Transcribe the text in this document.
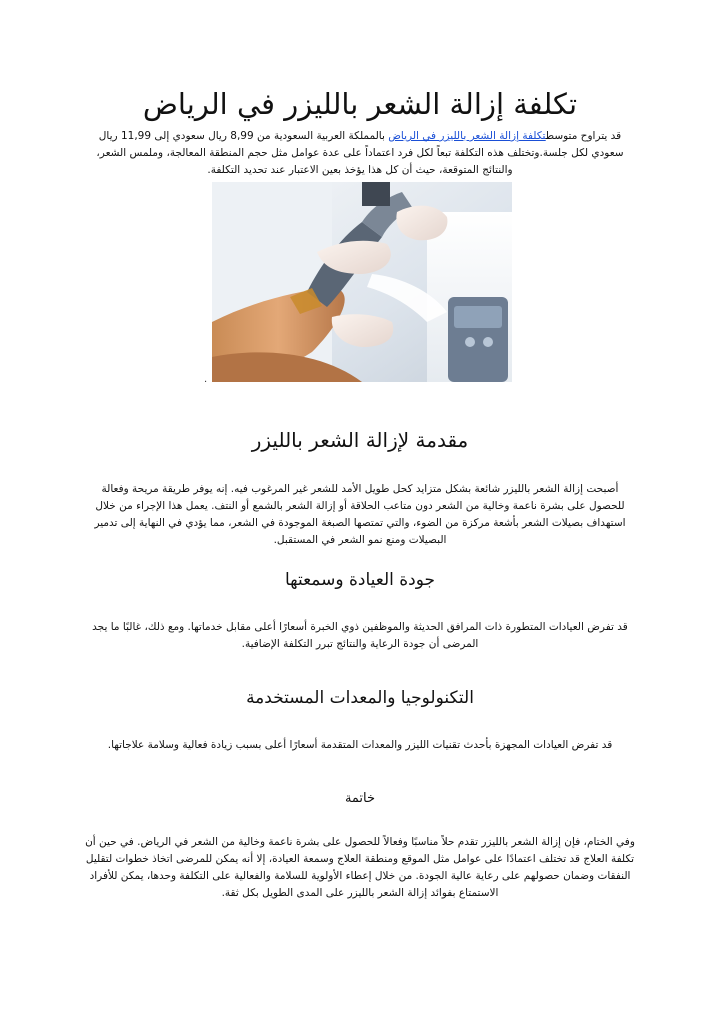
تكلفة إزالة الشعر بالليزر في الرياض

قد يتراوح متوسطتكلفة إزالة الشعر بالليزر في الرياض بالمملكة العربية السعودية من 8,99 ريال سعودي إلى 11,99 ريال سعودي لكل جلسة.وتختلف هذه التكلفة تبعاً لكل فرد اعتماداً على عدة عوامل مثل حجم المنطقة المعالجة، وملمس الشعر، والنتائج المتوقعة، حيث أن كل هذا يؤخذ بعين الاعتبار عند تحديد التكلفة.

.
مقدمة لإزالة الشعر بالليزر

أصبحت إزالة الشعر بالليزر شائعة بشكل متزايد كحل طويل الأمد للشعر غير المرغوب فيه. إنه يوفر طريقة مريحة وفعالة للحصول على بشرة ناعمة وخالية من الشعر دون متاعب الحلاقة أو إزالة الشعر بالشمع أو النتف. يعمل هذا الإجراء من خلال استهداف بصيلات الشعر بأشعة مركزة من الضوء، والتي تمتصها الصبغة الموجودة في الشعر، مما يؤدي في النهاية إلى تدمير البصيلات ومنع نمو الشعر في المستقبل.

جودة العيادة وسمعتها

قد تفرض العيادات المتطورة ذات المرافق الحديثة والموظفين ذوي الخبرة أسعارًا أعلى مقابل خدماتها. ومع ذلك، غالبًا ما يجد المرضى أن جودة الرعاية والنتائج تبرر التكلفة الإضافية.

التكنولوجيا والمعدات المستخدمة

قد تفرض العيادات المجهزة بأحدث تقنيات الليزر والمعدات المتقدمة أسعارًا أعلى بسبب زيادة فعالية وسلامة علاجاتها.

خاتمة

وفي الختام، فإن إزالة الشعر بالليزر تقدم حلاً مناسبًا وفعالاً للحصول على بشرة ناعمة وخالية من الشعر في الرياض. في حين أن تكلفة العلاج قد تختلف اعتمادًا على عوامل مثل الموقع ومنطقة العلاج وسمعة العيادة، إلا أنه يمكن للمرضى اتخاذ خطوات لتقليل النفقات وضمان حصولهم على رعاية عالية الجودة. من خلال إعطاء الأولوية للسلامة والفعالية على التكلفة وحدها، يمكن للأفراد الاستمتاع بفوائد إزالة الشعر بالليزر على المدى الطويل بكل ثقة.
